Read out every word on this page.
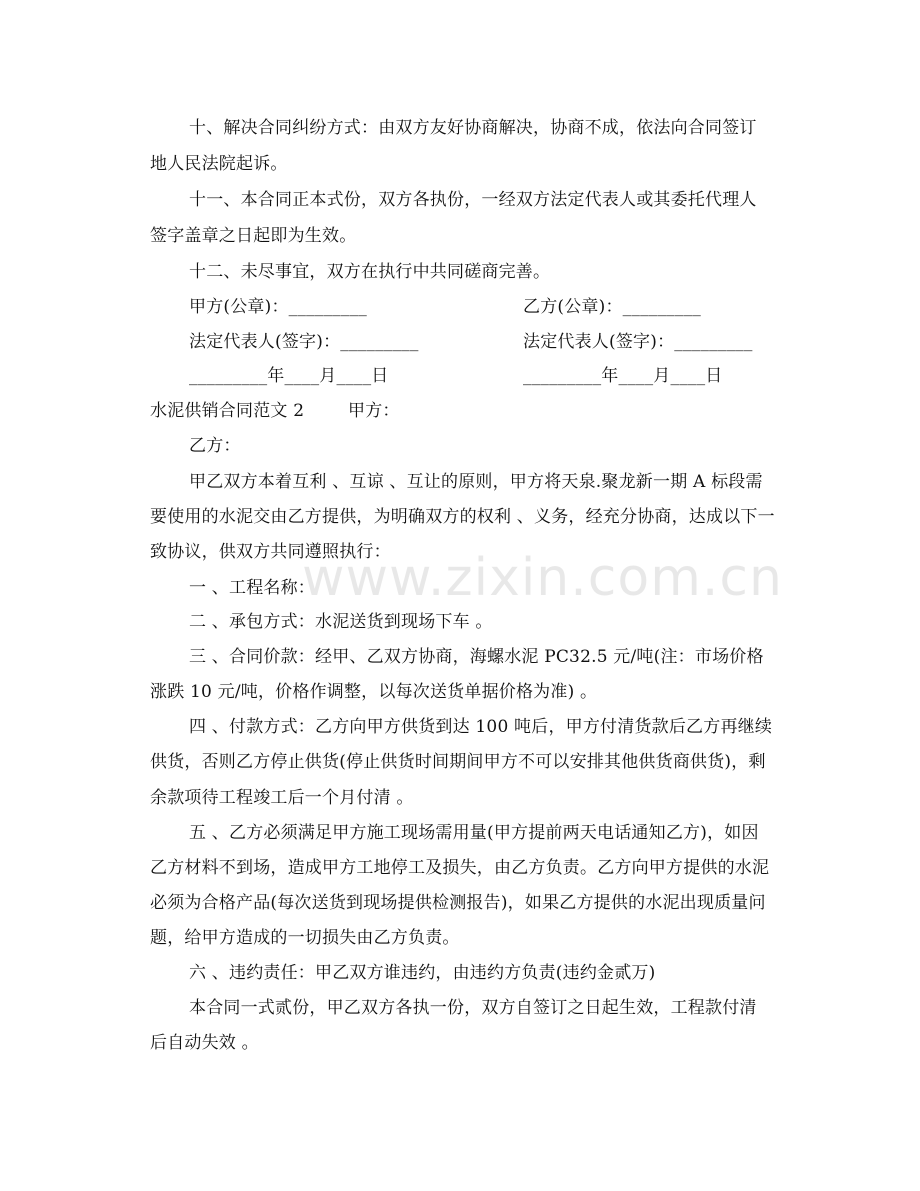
十、解决合同纠纷方式：由双方友好协商解决，协商不成，依法向合同签订
地人民法院起诉。
十一、本合同正本式份，双方各执份，一经双方法定代表人或其委托代理人
签字盖章之日起即为生效。
十二、未尽事宜，双方在执行中共同磋商完善。
甲方(公章)：_________	乙方(公章)：_________
法定代表人(签字)：_________	法定代表人(签字)：_________
_________年____月____日	_________年____月____日
水泥供销合同范文 2	甲方：
乙方：
甲乙双方本着互利 、互谅 、互让的原则，甲方将天泉.聚龙新一期 A 标段需
要使用的水泥交由乙方提供，为明确双方的权利 、义务，经充分协商，达成以下一
致协议，供双方共同遵照执行：
一 、工程名称：
二 、承包方式：水泥送货到现场下车 。
三 、合同价款：经甲、乙双方协商，海螺水泥 PC32.5 元/吨(注：市场价格
涨跌 10 元/吨，价格作调整，以每次送货单据价格为准) 。
四 、付款方式：乙方向甲方供货到达 100 吨后，甲方付清货款后乙方再继续
供货，否则乙方停止供货(停止供货时间期间甲方不可以安排其他供货商供货)，剩
余款项待工程竣工后一个月付清 。
五 、乙方必须满足甲方施工现场需用量(甲方提前两天电话通知乙方)，如因
乙方材料不到场，造成甲方工地停工及损失，由乙方负责。乙方向甲方提供的水泥
必须为合格产品(每次送货到现场提供检测报告)，如果乙方提供的水泥出现质量问
题，给甲方造成的一切损失由乙方负责。
六 、违约责任：甲乙双方谁违约，由违约方负责(违约金贰万)
本合同一式贰份，甲乙双方各执一份，双方自签订之日起生效，工程款付清
后自动失效 。
www.zixin.com.cn
